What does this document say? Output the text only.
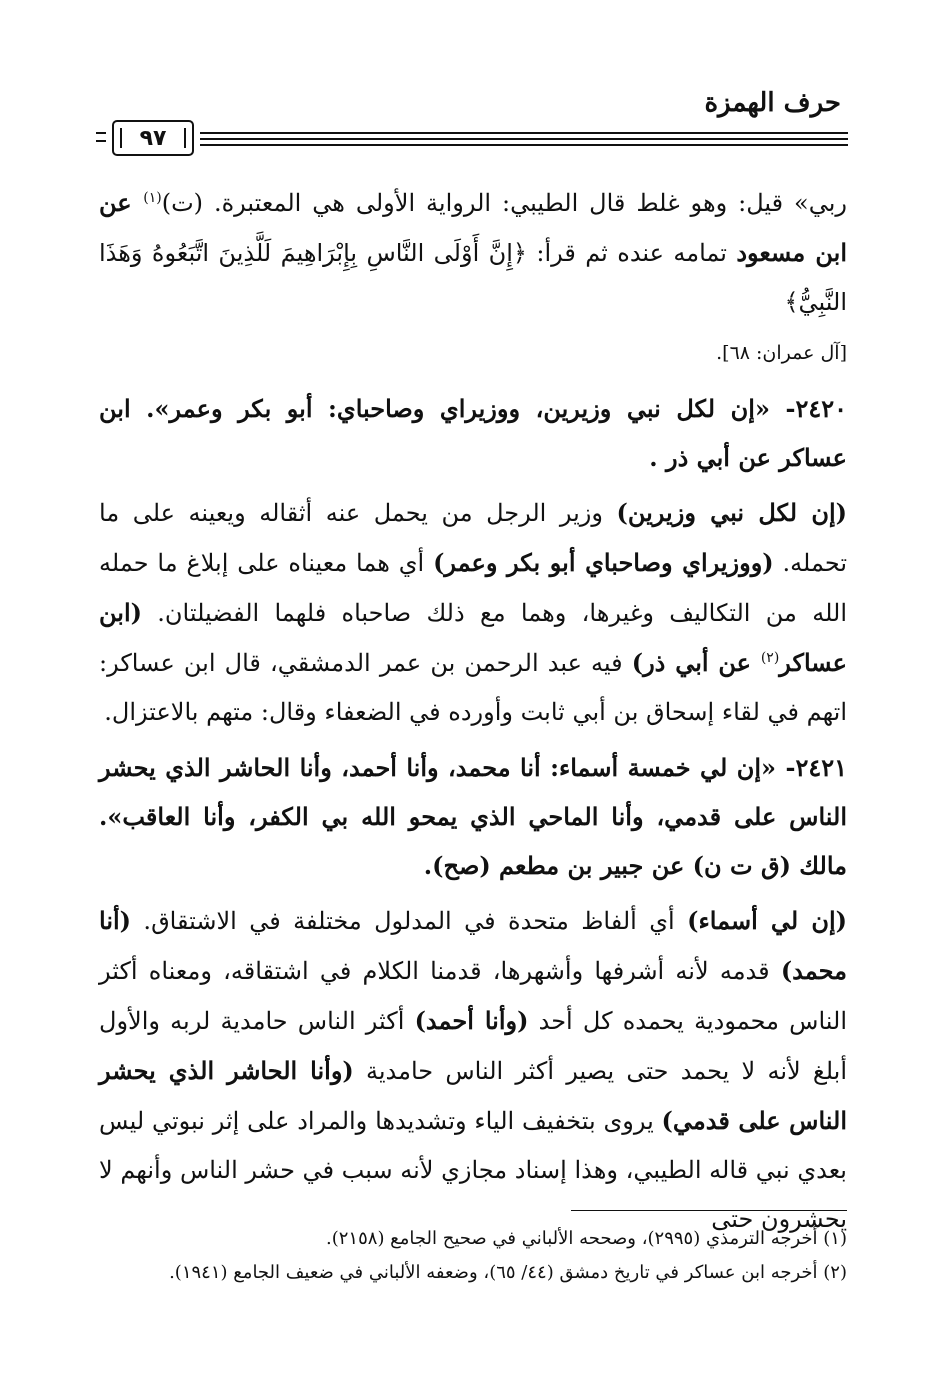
حرف الهمزة
٩٧

ربي» قيل: وهو غلط قال الطيبي: الرواية الأولى هي المعتبرة. (ت)$^{(١)}$ عن ابن مسعود تمامه عنده ثم قرأ: ﴿إِنَّ أَوْلَى النَّاسِ بِإِبْرَاهِيمَ لَلَّذِينَ اتَّبَعُوهُ وَهَذَا النَّبِيُّ﴾
[آل عمران: ٦٨].

٢٤٢٠- «إن لكل نبي وزيرين، ووزيراي وصاحباي: أبو بكر وعمر». ابن عساكر عن أبي ذر .

(إن لكل نبي وزيرين) وزير الرجل من يحمل عنه أثقاله ويعينه على ما تحمله. (ووزيراي وصاحباي أبو بكر وعمر) أي هما معيناه على إبلاغ ما حمله الله من التكاليف وغيرها، وهما مع ذلك صاحباه فلهما الفضيلتان. (ابن عساكر$^{(٢)}$ عن أبي ذر) فيه عبد الرحمن بن عمر الدمشقي، قال ابن عساكر: اتهم في لقاء إسحاق بن أبي ثابت وأورده في الضعفاء وقال: متهم بالاعتزال.

٢٤٢١- «إن لي خمسة أسماء: أنا محمد، وأنا أحمد، وأنا الحاشر الذي يحشر الناس على قدمي، وأنا الماحي الذي يمحو الله بي الكفر، وأنا العاقب». مالك (ق ت ن) عن جبير بن مطعم (صح).

(إن لي أسماء) أي ألفاظ متحدة في المدلول مختلفة في الاشتقاق. (أنا محمد) قدمه لأنه أشرفها وأشهرها، قدمنا الكلام في اشتقاقه، ومعناه أكثر الناس محمودية يحمده كل أحد (وأنا أحمد) أكثر الناس حامدية لربه والأول أبلغ لأنه لا يحمد حتى يصير أكثر الناس حامدية (وأنا الحاشر الذي يحشر الناس على قدمي) يروى بتخفيف الياء وتشديدها والمراد على إثر نبوتي ليس بعدي نبي قاله الطيبي، وهذا إسناد مجازي لأنه سبب في حشر الناس وأنهم لا يحشرون حتى

(١) أخرجه الترمذي (٢٩٩٥)، وصححه الألباني في صحيح الجامع (٢١٥٨).

(٢) أخرجه ابن عساكر في تاريخ دمشق (٤٤/ ٦٥)، وضعفه الألباني في ضعيف الجامع (١٩٤١).
